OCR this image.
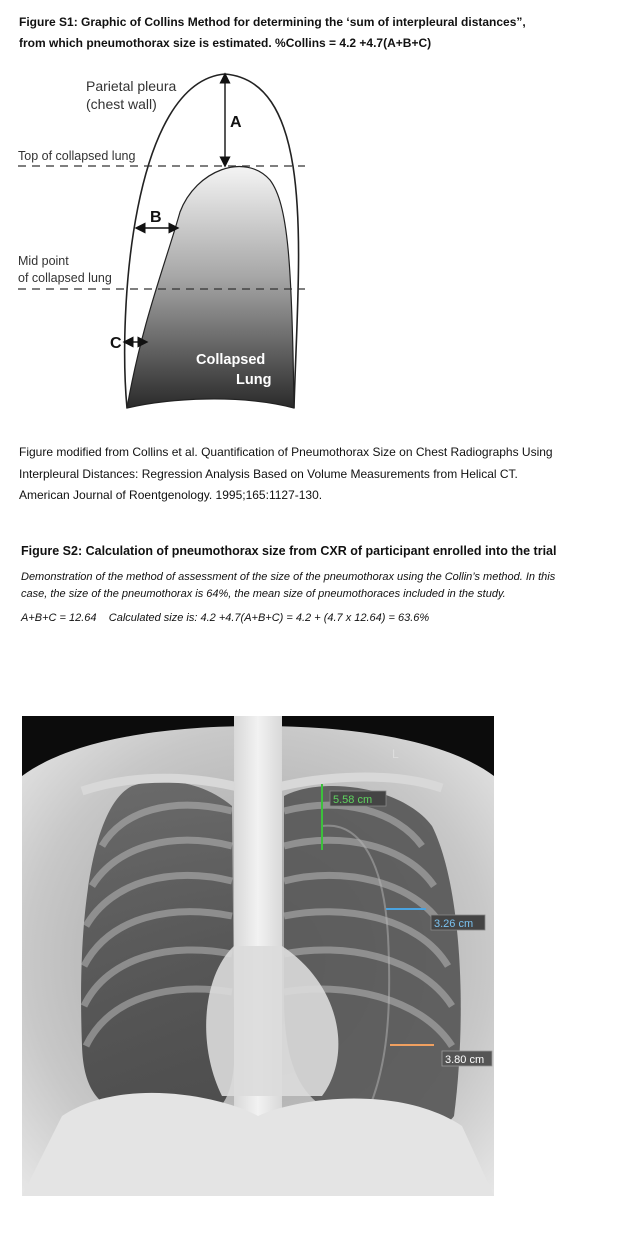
Figure S1: Graphic of Collins Method for determining the ‘sum of interpleural distances”,
from which pneumothorax size is estimated. %Collins = 4.2 +4.7(A+B+C)
Parietal pleura
(chest wall)
A
Top of collapsed lung
B
Mid point
of collapsed lung
C
Collapsed
Lung
Figure modified from Collins et al. Quantification of Pneumothorax Size on Chest Radiographs Using
Interpleural Distances: Regression Analysis Based on Volume Measurements from Helical CT.
American Journal of Roentgenology. 1995;165:1127-130.
Figure S2: Calculation of pneumothorax size from CXR of participant enrolled into the trial
Demonstration of the method of assessment of the size of the pneumothorax using the Collin’s method. In this
case, the size of the pneumothorax is 64%, the mean size of pneumothoraces included in the study.
A+B+C = 12.64 Calculated size is: 4.2 +4.7(A+B+C) = 4.2 + (4.7 x 12.64) = 63.6%
L
5.58 cm
3.26 cm
3.80 cm
